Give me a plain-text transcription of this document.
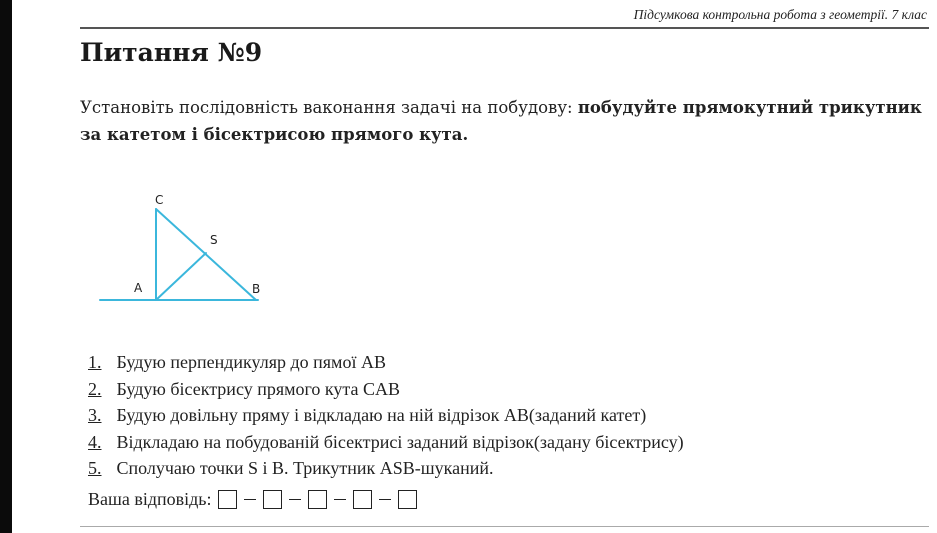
Підсумкова контрольна робота з геометрії. 7 клас
Питання №9

Установіть послідовність ваконання задачі на побудову: побудуйте прямокутний трикутник за катетом і бісектрисою прямого кута.

C
S
A	B
1. Будую перпендикуляр до пямої AB
2. Будую бісектрису прямого кута CAB
3. Будую довільну пряму і відкладаю на ній відрізок AB(заданий катет)
4. Відкладаю на побудованій бісектрисі заданий відрізок(задану бісектрису)
5. Сполучаю точки S і B. Трикутник ASB-шуканий.
Ваша відповідь:
